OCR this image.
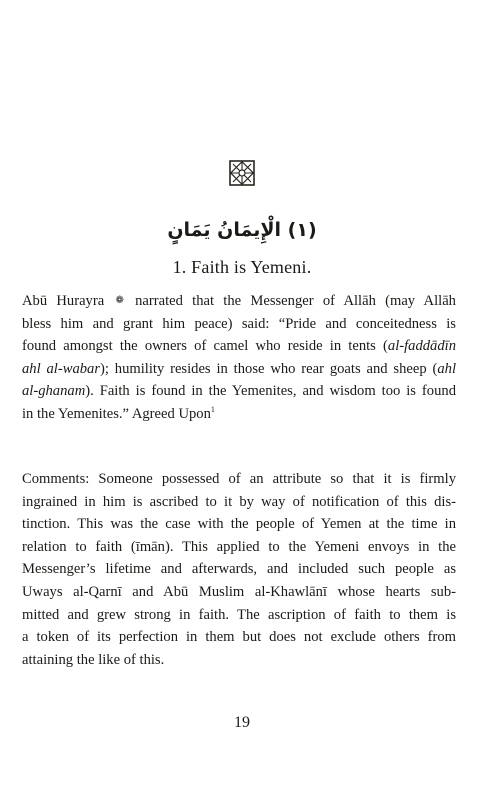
(١) الْإِيمَانُ يَمَانٍ
1. Faith is Yemeni.
Abū Hurayra ❁ narrated that the Messenger of Allāh (may Allāh
bless him and grant him peace) said: “Pride and conceitedness is
found amongst the owners of camel who reside in tents (al-faddādīn
ahl al-wabar); humility resides in those who rear goats and sheep (ahl
al-ghanam). Faith is found in the Yemenites, and wisdom too is found
in the Yemenites.” Agreed Upon$^1$
Comments: Someone possessed of an attribute so that it is firmly
ingrained in him is ascribed to it by way of notification of this dis-
tinction. This was the case with the people of Yemen at the time in
relation to faith (īmān). This applied to the Yemeni envoys in the
Messenger’s lifetime and afterwards, and included such people as
Uways al-Qarnī and Abū Muslim al-Khawlānī whose hearts sub-
mitted and grew strong in faith. The ascription of faith to them is
a token of its perfection in them but does not exclude others from
attaining the like of this.
19
